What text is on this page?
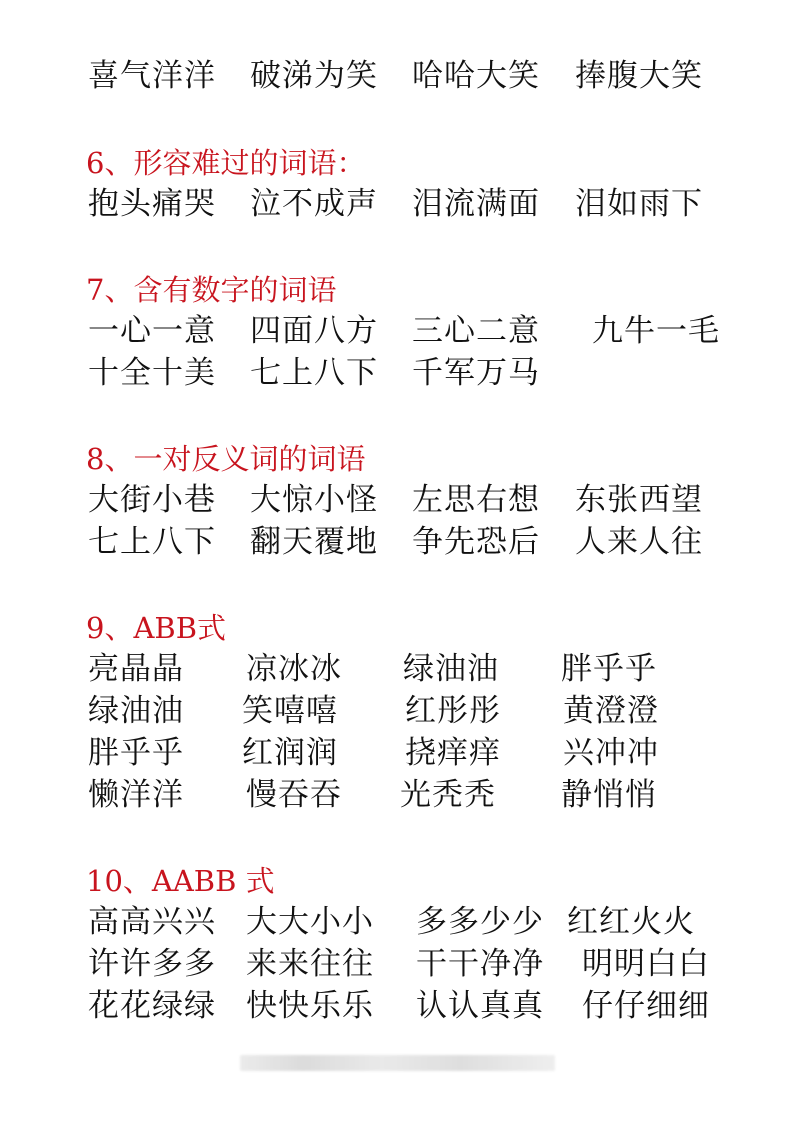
喜气洋洋 破涕为笑 哈哈大笑 捧腹大笑
6、形容难过的词语：
抱头痛哭 泣不成声 泪流满面 泪如雨下
7、含有数字的词语
一心一意 四面八方 三心二意 九牛一毛
十全十美 七上八下 千军万马
8、一对反义词的词语
大街小巷 大惊小怪 左思右想 东张西望
七上八下 翻天覆地 争先恐后 人来人往
9、ABB式
亮晶晶 凉冰冰 绿油油 胖乎乎
绿油油 笑嘻嘻 红彤彤 黄澄澄
胖乎乎 红润润 挠痒痒 兴冲冲
懒洋洋 慢吞吞 光秃秃 静悄悄
10、AABB 式
高高兴兴 大大小小 多多少少 红红火火
许许多多 来来往往 干干净净 明明白白
花花绿绿 快快乐乐 认认真真 仔仔细细
